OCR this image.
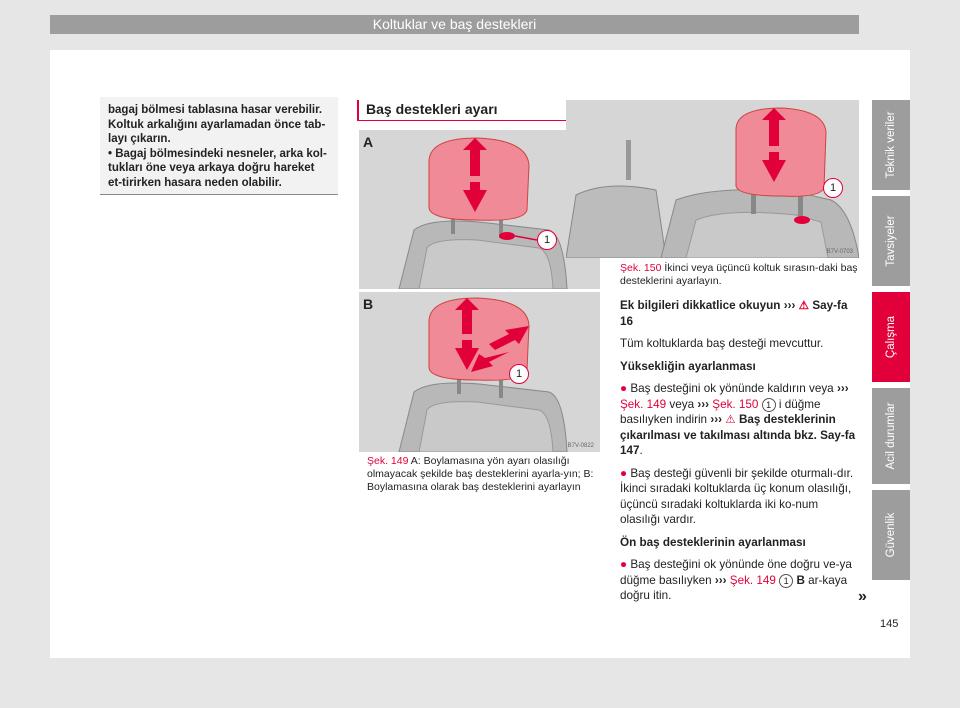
Koltuklar ve baş destekleri
Teknik veriler
Tavsiyeler
Çalışma
Acil durumlar
Güvenlik

bagaj bölmesi tablasına hasar verebilir. Koltuk arkalığını ayarlamadan önce tab-layı çıkarın.

• Bagaj bölmesindeki nesneler, arka kol-tukları öne veya arkaya doğru hareket et-tirirken hasara neden olabilir.

Baş destekleri ayarı
A
1
B
1
B7V-0822
Şek. 149 A: Boylamasına yön ayarı olasılığı olmayacak şekilde baş desteklerini ayarla-yın; B: Boylamasına olarak baş desteklerini ayarlayın
1
B7V-0703
Şek. 150 İkinci veya üçüncü koltuk sırasın-daki baş desteklerini ayarlayın.

Ek bilgileri dikkatlice okuyun ››› ⚠ Say-fa 16

Tüm koltuklarda baş desteği mevcuttur.

Yüksekliğin ayarlanması

● Baş desteğini ok yönünde kaldırın veya ››› Şek. 149 veya ››› Şek. 150 1 i düğme basılıyken indirin ››› ⚠ Baş desteklerinin çıkarılması ve takılması altında bkz. Say-fa 147.

● Baş desteği güvenli bir şekilde oturmalı-dır. İkinci sıradaki koltuklarda üç konum olasılığı, üçüncü sıradaki koltuklarda iki ko-num olasılığı vardır.

Ön baş desteklerinin ayarlanması

● Baş desteğini ok yönünde öne doğru ve-ya düğme basılıyken ››› Şek. 149 1 B ar-kaya doğru itin.	»
145
